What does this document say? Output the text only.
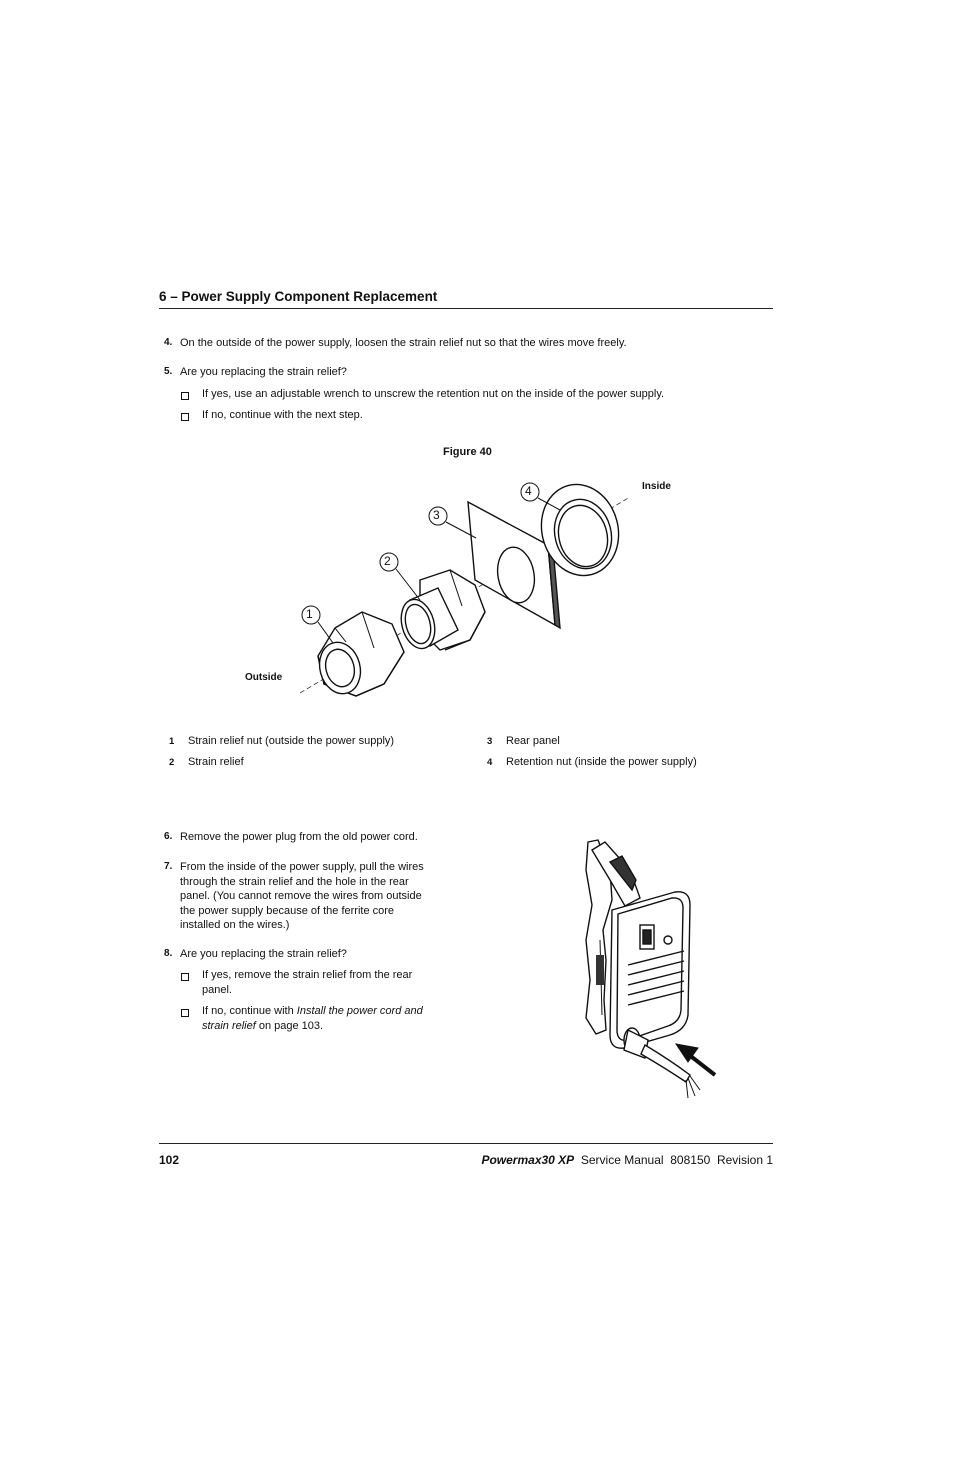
6 – Power Supply Component Replacement
4. On the outside of the power supply, loosen the strain relief nut so that the wires move freely.
5. Are you replacing the strain relief?
If yes, use an adjustable wrench to unscrew the retention nut on the inside of the power supply.
If no, continue with the next step.
Figure 40
1
2
3
4	Inside
Outside
1 Strain relief nut (outside the power supply)
2 Strain relief
3 Rear panel
4 Retention nut (inside the power supply)
6. Remove the power plug from the old power cord.
7. From the inside of the power supply, pull the wires
through the strain relief and the hole in the rear
panel. (You cannot remove the wires from outside
the power supply because of the ferrite core
installed on the wires.)
8. Are you replacing the strain relief?
If yes, remove the strain relief from the rear
panel.
If no, continue with Install the power cord and
strain relief on page 103.
102	Powermax30 XP Service Manual 808150 Revision 1
